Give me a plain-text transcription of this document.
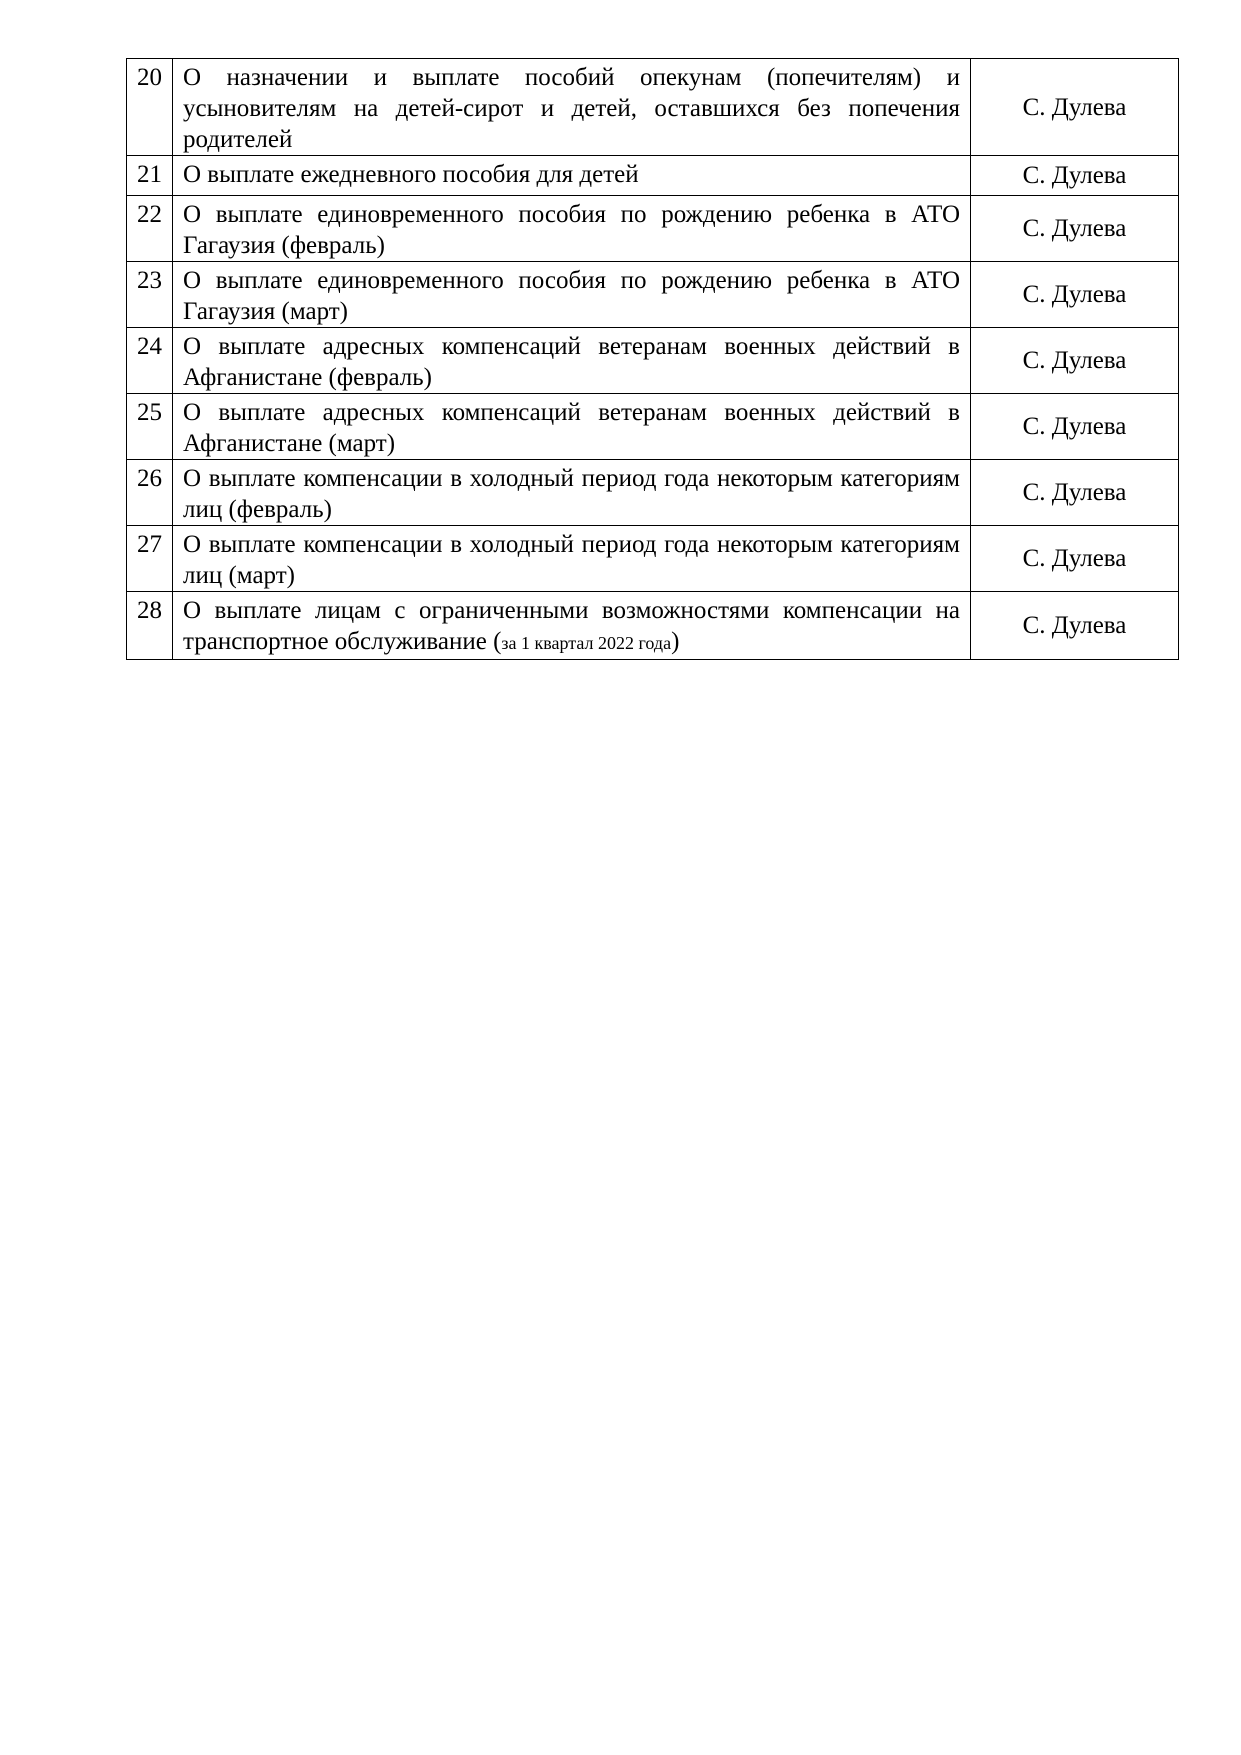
20	О назначении и выплате пособий опекунам (попечителям) и усыновителям на детей-сирот и детей, оставшихся без попечения родителей	С. Дулева
21	О выплате ежедневного пособия для детей	С. Дулева
22	О выплате единовременного пособия по рождению ребенка в АТО Гагаузия (февраль)	С. Дулева
23	О выплате единовременного пособия по рождению ребенка в АТО Гагаузия (март)	С. Дулева
24	О выплате адресных компенсаций ветеранам военных действий в Афганистане (февраль)	С. Дулева
25	О выплате адресных компенсаций ветеранам военных действий в Афганистане (март)	С. Дулева
26	О выплате компенсации в холодный период года некоторым категориям лиц (февраль)	С. Дулева
27	О выплате компенсации в холодный период года некоторым категориям лиц (март)	С. Дулева
28	О выплате лицам с ограниченными возможностями компенсации на транспортное обслуживание (за 1 квартал 2022 года)	С. Дулева
